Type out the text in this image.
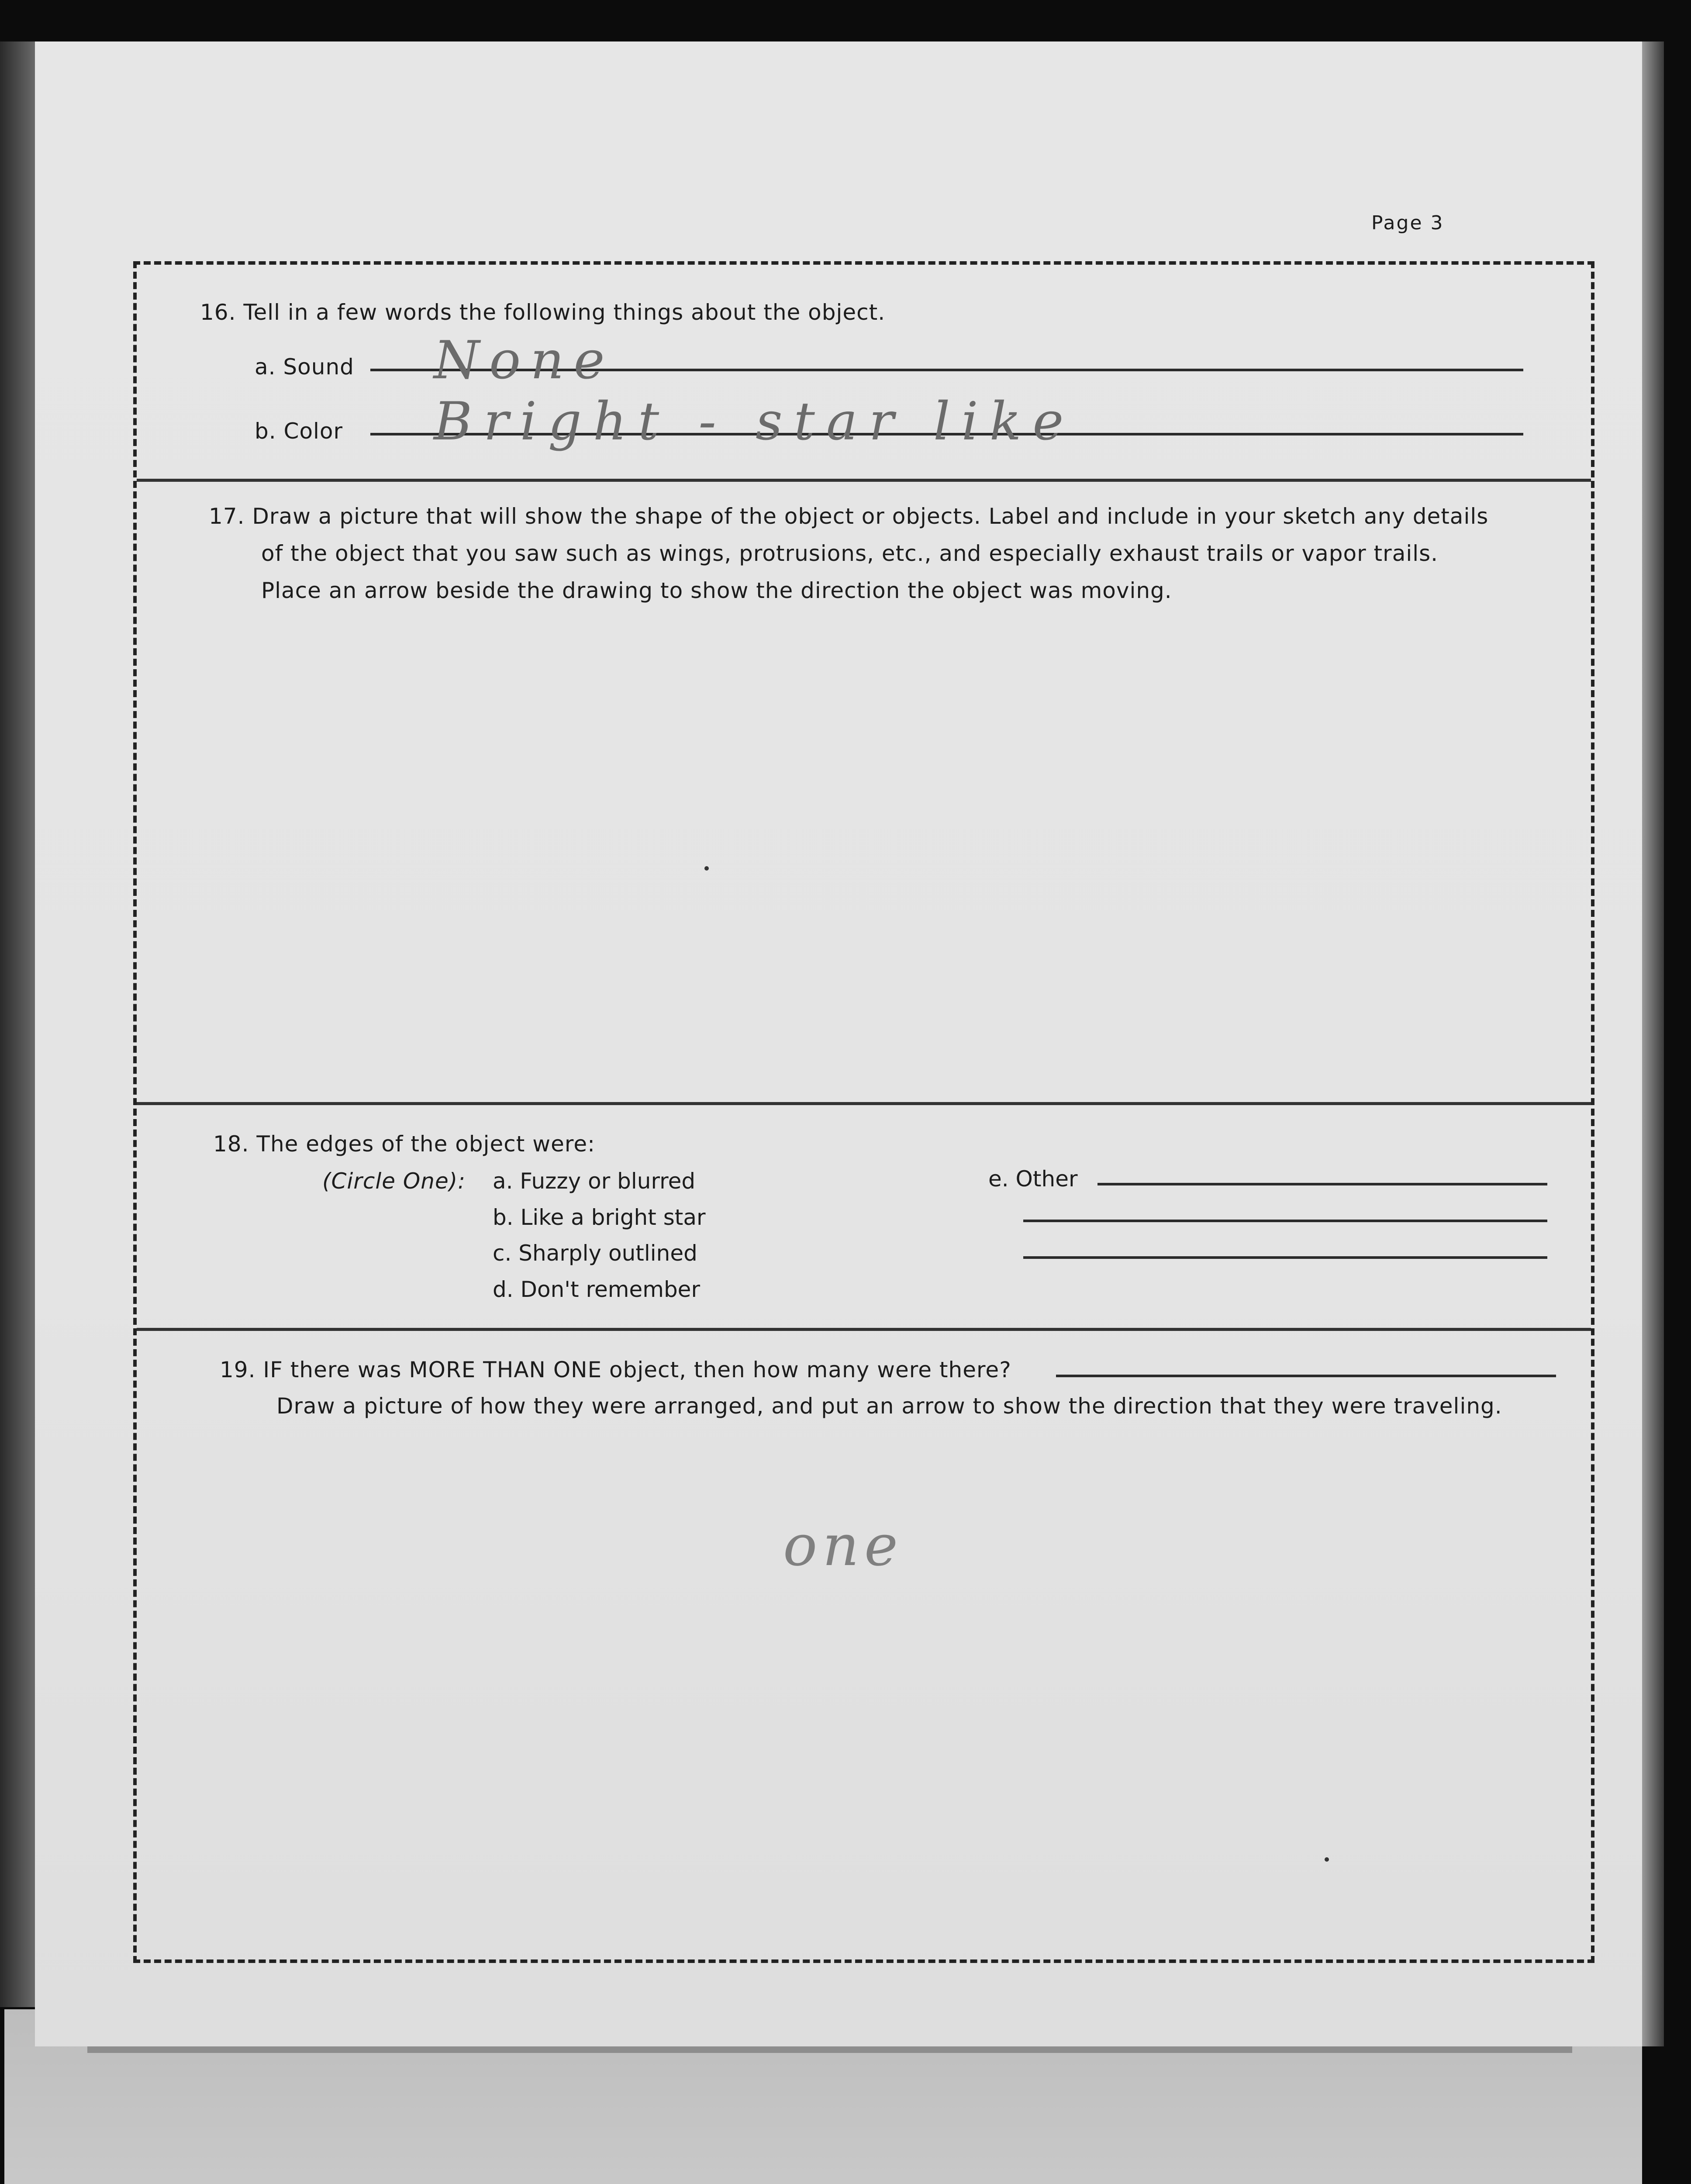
Page 3
16. Tell in a few words the following things about the object.
a. Sound None
b. Color Bright - star like
17. Draw a picture that will show the shape of the object or objects. Label and include in your sketch any details
of the object that you saw such as wings, protrusions, etc., and especially exhaust trails or vapor trails.
Place an arrow beside the drawing to show the direction the object was moving.
18. The edges of the object were:
(Circle One): a. Fuzzy or blurred
b. Like a bright star
c. Sharply outlined
d. Don't remember
e. Other
19. IF there was MORE THAN ONE object, then how many were there?
Draw a picture of how they were arranged, and put an arrow to show the direction that they were traveling.
one
